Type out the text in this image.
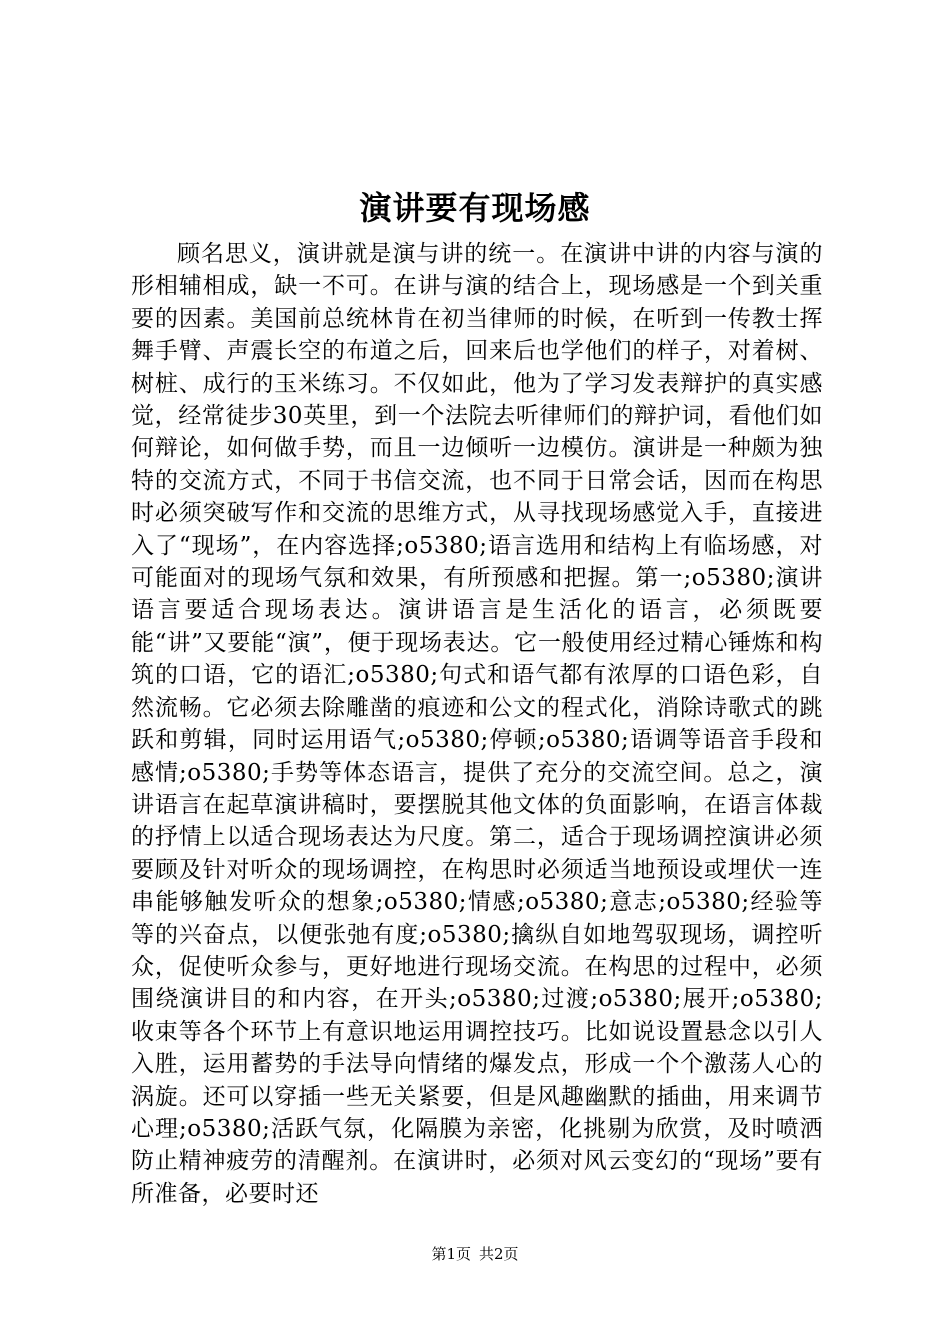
演讲要有现场感

顾名思义，演讲就是演与讲的统一。在演讲中讲的内容与演的形相辅相成，缺一不可。在讲与演的结合上，现场感是一个到关重要的因素。美国前总统林肯在初当律师的时候，在听到一传教士挥舞手臂、声震长空的布道之后，回来后也学他们的样子，对着树、树桩、成行的玉米练习。不仅如此，他为了学习发表辩护的真实感觉，经常徒步30英里，到一个法院去听律师们的辩护词，看他们如何辩论，如何做手势，而且一边倾听一边模仿。演讲是一种颇为独特的交流方式，不同于书信交流，也不同于日常会话，因而在构思时必须突破写作和交流的思维方式，从寻找现场感觉入手，直接进入了“现场”，在内容选择;o5380;语言选用和结构上有临场感，对可能面对的现场气氛和效果，有所预感和把握。第一;o5380;演讲语言要适合现场表达。演讲语言是生活化的语言，必须既要能“讲”又要能“演”，便于现场表达。它一般使用经过精心锤炼和构筑的口语，它的语汇;o5380;句式和语气都有浓厚的口语色彩，自然流畅。它必须去除雕凿的痕迹和公文的程式化，消除诗歌式的跳跃和剪辑，同时运用语气;o5380;停顿;o5380;语调等语音手段和感情;o5380;手势等体态语言，提供了充分的交流空间。总之，演讲语言在起草演讲稿时，要摆脱其他文体的负面影响，在语言体裁的抒情上以适合现场表达为尺度。第二，适合于现场调控演讲必须要顾及针对听众的现场调控，在构思时必须适当地预设或埋伏一连串能够触发听众的想象;o5380;情感;o5380;意志;o5380;经验等等的兴奋点，以便张弛有度;o5380;擒纵自如地驾驭现场，调控听众，促使听众参与，更好地进行现场交流。在构思的过程中，必须围绕演讲目的和内容，在开头;o5380;过渡;o5380;展开;o5380;收束等各个环节上有意识地运用调控技巧。比如说设置悬念以引人入胜，运用蓄势的手法导向情绪的爆发点，形成一个个激荡人心的涡旋。还可以穿插一些无关紧要，但是风趣幽默的插曲，用来调节心理;o5380;活跃气氛，化隔膜为亲密，化挑剔为欣赏，及时喷洒防止精神疲劳的清醒剂。在演讲时，必须对风云变幻的“现场”要有所准备，必要时还

第1页 共2页
